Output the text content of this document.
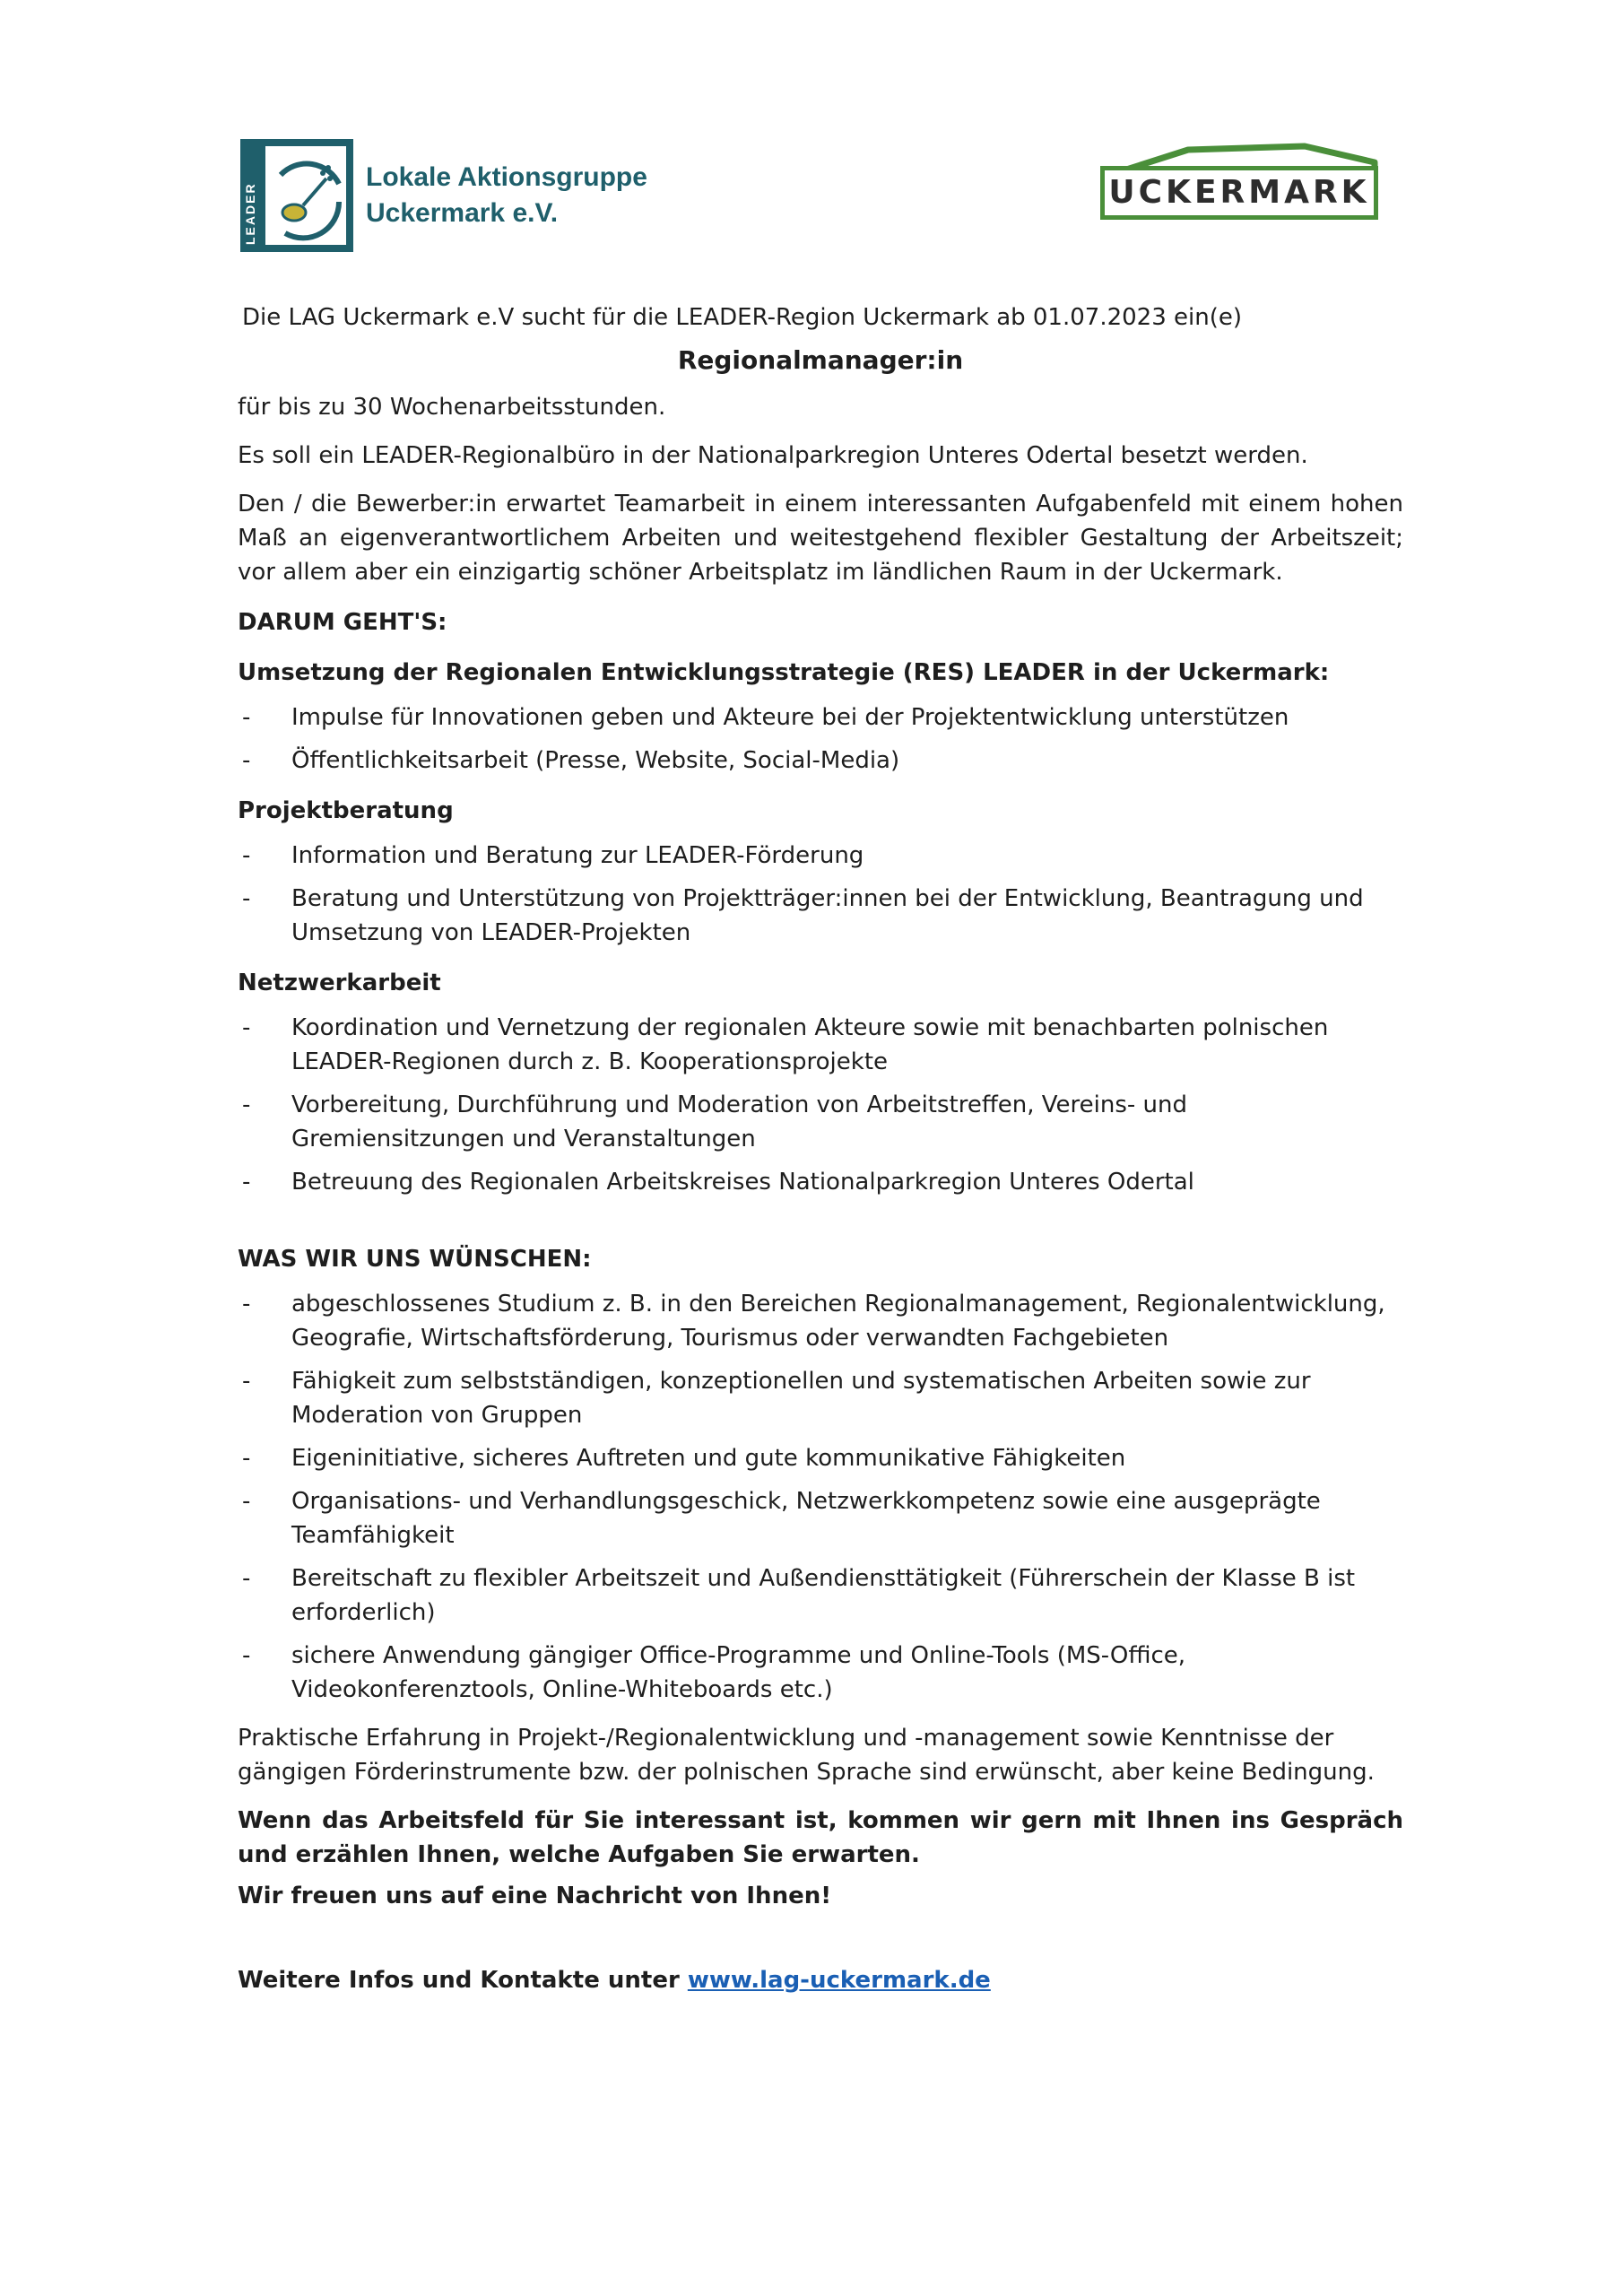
LEADER
Lokale Aktionsgruppe
Uckermark e.V.
UCKERMARK

Die LAG Uckermark e.V sucht für die LEADER-Region Uckermark ab 01.07.2023 ein(e)

Regionalmanager:in

für bis zu 30 Wochenarbeitsstunden.

Es soll ein LEADER-Regionalbüro in der Nationalparkregion Unteres Odertal besetzt werden.

Den / die Bewerber:in erwartet Teamarbeit in einem interessanten Aufgabenfeld mit einem hohen Maß an eigenverantwortlichem Arbeiten und weitestgehend flexibler Gestaltung der Arbeitszeit; vor allem aber ein einzigartig schöner Arbeitsplatz im ländlichen Raum in der Uckermark.

DARUM GEHT'S:

Umsetzung der Regionalen Entwicklungsstrategie (RES) LEADER in der Uckermark:

- Impulse für Innovationen geben und Akteure bei der Projektentwicklung unterstützen
- Öffentlichkeitsarbeit (Presse, Website, Social-Media)

Projektberatung

- Information und Beratung zur LEADER-Förderung
- Beratung und Unterstützung von Projektträger:innen bei der Entwicklung, Beantragung und Umsetzung von LEADER-Projekten

Netzwerkarbeit

- Koordination und Vernetzung der regionalen Akteure sowie mit benachbarten polnischen LEADER-Regionen durch z. B. Kooperationsprojekte
- Vorbereitung, Durchführung und Moderation von Arbeitstreffen, Vereins- und Gremiensitzungen und Veranstaltungen
- Betreuung des Regionalen Arbeitskreises Nationalparkregion Unteres Odertal

WAS WIR UNS WÜNSCHEN:

- abgeschlossenes Studium z. B. in den Bereichen Regionalmanagement, Regionalentwicklung, Geografie, Wirtschaftsförderung, Tourismus oder verwandten Fachgebieten
- Fähigkeit zum selbstständigen, konzeptionellen und systematischen Arbeiten sowie zur Moderation von Gruppen
- Eigeninitiative, sicheres Auftreten und gute kommunikative Fähigkeiten
- Organisations- und Verhandlungsgeschick, Netzwerkkompetenz sowie eine ausgeprägte Teamfähigkeit
- Bereitschaft zu flexibler Arbeitszeit und Außendiensttätigkeit (Führerschein der Klasse B ist erforderlich)
- sichere Anwendung gängiger Office-Programme und Online-Tools (MS-Office, Videokonferenztools, Online-Whiteboards etc.)

Praktische Erfahrung in Projekt-/Regionalentwicklung und -management sowie Kenntnisse der gängigen Förderinstrumente bzw. der polnischen Sprache sind erwünscht, aber keine Bedingung.

Wenn das Arbeitsfeld für Sie interessant ist, kommen wir gern mit Ihnen ins Gespräch und erzählen Ihnen, welche Aufgaben Sie erwarten.

Wir freuen uns auf eine Nachricht von Ihnen!

Weitere Infos und Kontakte unter www.lag-uckermark.de
